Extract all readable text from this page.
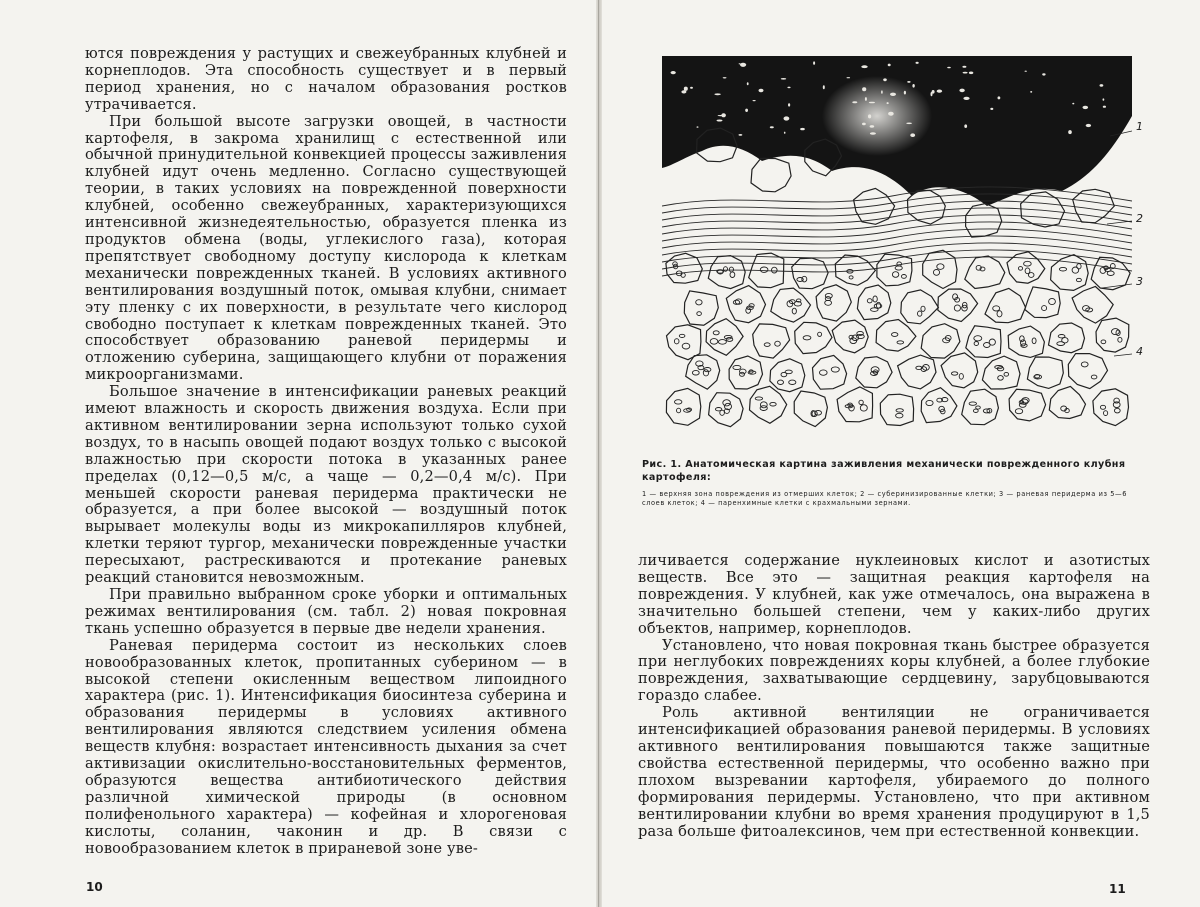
ются повреждения у растущих и свежеубранных клубней и корнеплодов. Эта способность существует и в первый период хранения, но с началом образования ростков утрачивается.

При большой высоте загрузки овощей, в частности картофеля, в закрома хранилищ с естественной или обычной принудительной конвекцией процессы заживления клубней идут очень медленно. Согласно существующей теории, в таких условиях на поврежденной поверхности клубней, особенно свежеубранных, характеризующихся интенсивной жизнедеятельностью, образуется пленка из продуктов обмена (воды, углекислого газа), которая препятствует свободному доступу кислорода к клеткам механически поврежденных тканей. В условиях активного вентилирования воздушный поток, омывая клубни, снимает эту пленку с их поверхности, в результате чего кислород свободно поступает к клеткам поврежденных тканей. Это способствует образованию раневой перидермы и отложению суберина, защищающего клубни от поражения микроорганизмами.

Большое значение в интенсификации раневых реакций имеют влажность и скорость движения воздуха. Если при активном вентилировании зерна используют только сухой воздух, то в насыпь овощей подают воздух только с высокой влажностью при скорости потока в указанных ранее пределах (0,12—0,5 м/с, а чаще — 0,2—0,4 м/с). При меньшей скорости раневая перидерма практически не образуется, а при более высокой — воздушный поток вырывает молекулы воды из микрокапилляров клубней, клетки теряют тургор, механически поврежденные участки пересыхают, растрескиваются и протекание раневых реакций становится невозможным.

При правильно выбранном сроке уборки и оптимальных режимах вентилирования (см. табл. 2) новая покровная ткань успешно образуется в первые две недели хранения.

Раневая перидерма состоит из нескольких слоев новообразованных клеток, пропитанных суберином — в высокой степени окисленным веществом липоидного характера (рис. 1). Интенсификация биосинтеза суберина и образования перидермы в условиях активного вентилирования являются следствием усиления обмена веществ клубня: возрастает интенсивность дыхания за счет активизации окислительно-восстановительных ферментов, образуются вещества антибиотического действия различной химической природы (в основном полифенольного характера) — кофейная и хлорогеновая кислоты, соланин, чаконин и др. В связи с новообразованием клеток в приpаневой зоне уве-

10
1
2
3
4

Рис. 1. Анатомическая картина заживления механически поврежденного клубня картофеля:

1 — верхняя зона повреждения из отмерших клеток; 2 — суберинизированные клетки; 3 — раневая перидерма из 5—6 слоев клеток; 4 — паренхимные клетки с крахмальными зернами.

личивается содержание нуклеиновых кислот и азотистых веществ. Все это — защитная реакция картофеля на повреждения. У клубней, как уже отмечалось, она выражена в значительно большей степени, чем у каких-либо других объектов, например, корнеплодов.

Установлено, что новая покровная ткань быстрее образуется при неглубоких повреждениях коры клубней, а более глубокие повреждения, захватывающие сердцевину, зарубцовываются гораздо слабее.

Роль активной вентиляции не ограничивается интенсификацией образования раневой перидермы. В условиях активного вентилирования повышаются также защитные свойства естественной перидермы, что особенно важно при плохом вызревании картофеля, убираемого до полного формирования перидермы. Установлено, что при активном вентилировании клубни во время хранения продуцируют в 1,5 раза больше фитоалексинов, чем при естественной конвекции.

11
